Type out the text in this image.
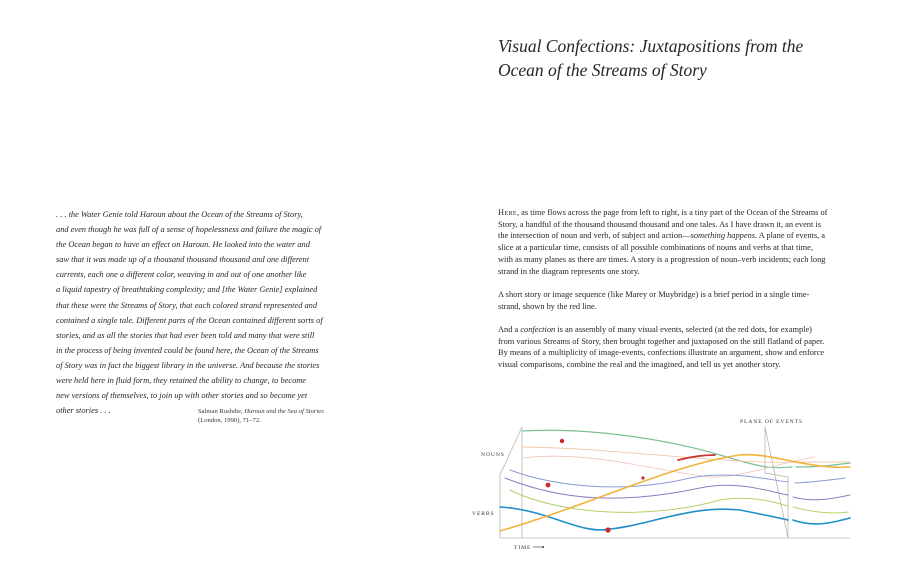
Visual Confections: Juxtapositions from the
Ocean of the Streams of Story
. . . the Water Genie told Haroun about the Ocean of the Streams of Story,
and even though he was full of a sense of hopelessness and failure the magic of
the Ocean began to have an effect on Haroun. He looked into the water and
saw that it was made up of a thousand thousand thousand and one different
currents, each one a different color, weaving in and out of one another like
a liquid tapestry of breathtaking complexity; and [the Water Genie] explained
that these were the Streams of Story, that each colored strand represented and
contained a single tale. Different parts of the Ocean contained different sorts of
stories, and as all the stories that had ever been told and many that were still
in the process of being invented could be found here, the Ocean of the Streams
of Story was in fact the biggest library in the universe. And because the stories
were held here in fluid form, they retained the ability to change, to become
new versions of themselves, to join up with other stories and so become yet
other stories . . .	Salman Rushdie, Haroun and the Sea of Stories
(London, 1990), 71–72.

Here, as time flows across the page from left to right, is a tiny part of the Ocean of the Streams of Story, a handful of the thousand thousand thousand and one tales. As I have drawn it, an event is the intersection of noun and verb, of subject and action—something happens. A plane of events, a slice at a particular time, consists of all possible combinations of nouns and verbs at that time, with as many planes as there are times. A story is a progression of noun–verb incidents; each long strand in the diagram represents one story.

A short story or image sequence (like Marey or Muybridge) is a brief period in a single time-strand, shown by the red line.

And a confection is an assembly of many visual events, selected (at the red dots, for example) from various Streams of Story, then brought together and juxtaposed on the still flatland of paper. By means of a multiplicity of image-events, confections illustrate an argument, show and enforce visual comparisons, combine the real and the imagined, and tell us yet another story.

NOUNS
VERBS
TIME
PLANE OF EVENTS
